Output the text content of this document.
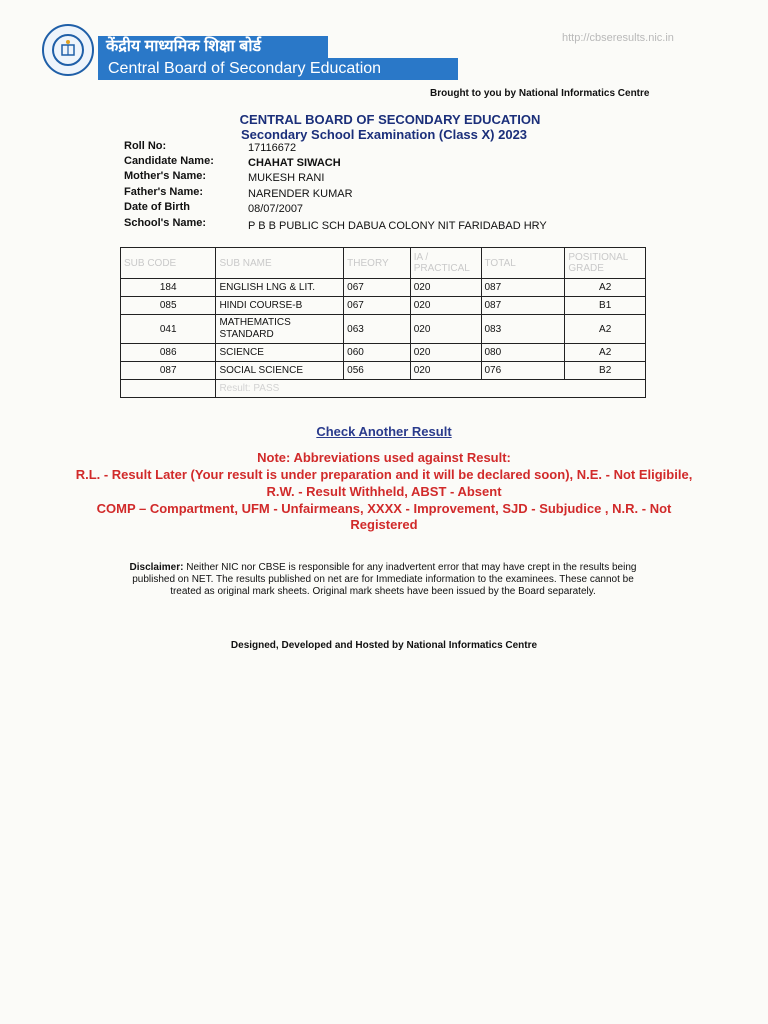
केंद्रीय माध्यमिक शिक्षा बोर्ड
Central Board of Secondary Education
http://cbseresults.nic.in
Brought to you by National Informatics Centre
CENTRAL BOARD OF SECONDARY EDUCATION
Secondary School Examination (Class X) 2023
Roll No:	17116672
Candidate Name:	CHAHAT SIWACH
Mother's Name:	MUKESH RANI
Father's Name:	NARENDER KUMAR
Date of Birth	08/07/2007
School's Name:	P B B PUBLIC SCH DABUA COLONY NIT FARIDABAD HRY
SUB CODE	SUB NAME	THEORY	IA / PRACTICAL	TOTAL	POSITIONAL GRADE
184	ENGLISH LNG & LIT.	067	020	087	A2
085	HINDI COURSE-B	067	020	087	B1
041	MATHEMATICS STANDARD	063	020	083	A2
086	SCIENCE	060	020	080	A2
087	SOCIAL SCIENCE	056	020	076	B2
	Result: PASS				
Check Another Result
Note: Abbreviations used against Result:
R.L. - Result Later (Your result is under preparation and it will be declared soon), N.E. - Not Eligibile,
R.W. - Result Withheld, ABST - Absent
COMP – Compartment, UFM - Unfairmeans, XXXX - Improvement, SJD - Subjudice , N.R. - Not
Registered
Disclaimer: Neither NIC nor CBSE is responsible for any inadvertent error that may have crept in the results being published on NET. The results published on net are for Immediate information to the examinees. These cannot be treated as original mark sheets. Original mark sheets have been issued by the Board separately.
Designed, Developed and Hosted by National Informatics Centre
